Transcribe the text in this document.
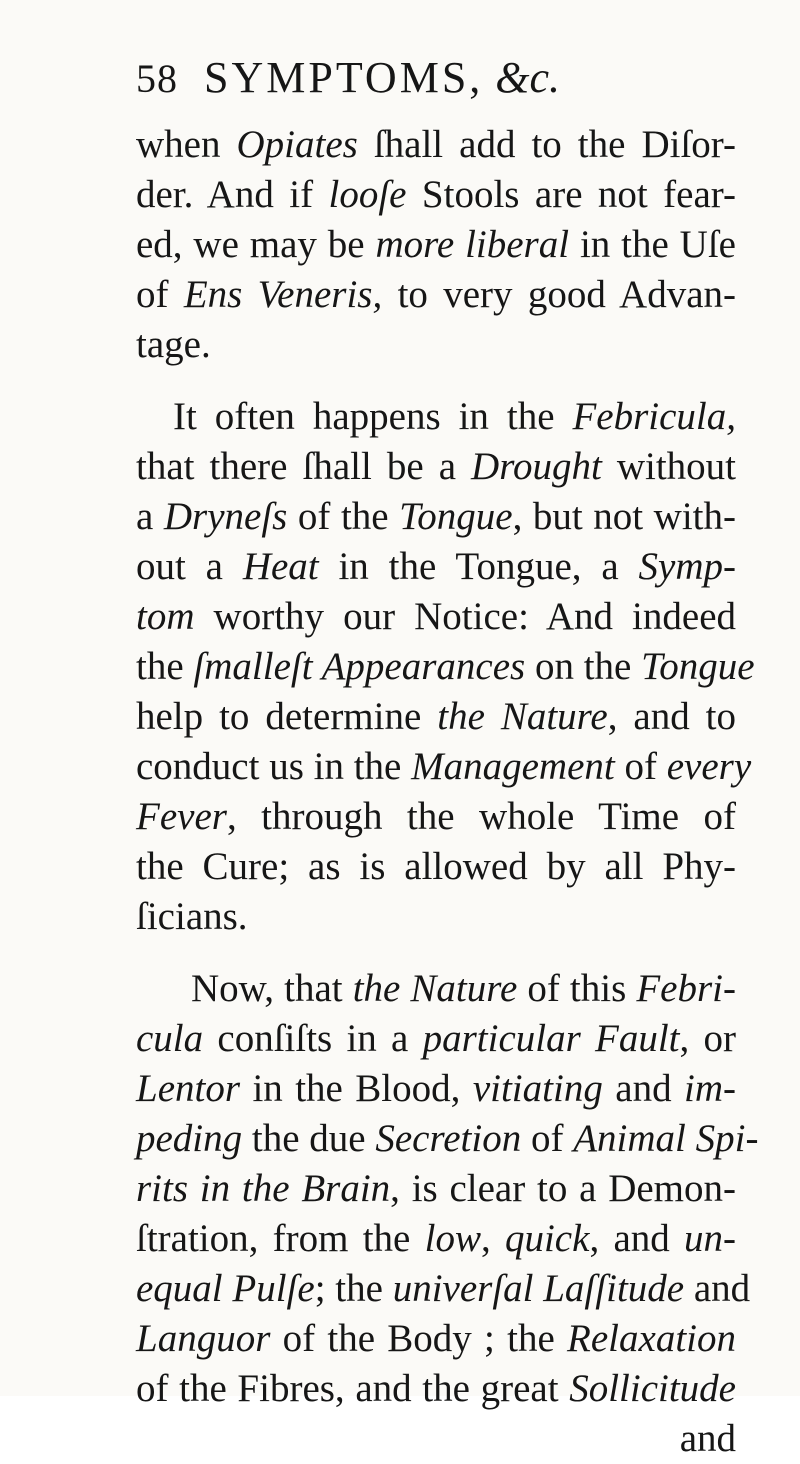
58 SYMPTOMS, &c.
when Opiates ſhall add to the Diſor-
der. And if looſe Stools are not fear-
ed, we may be more liberal in the Uſe
of Ens Veneris, to very good Advan-
tage.
It often happens in the Febricula,
that there ſhall be a Drought without
a Dryneſs of the Tongue, but not with-
out a Heat in the Tongue, a Symp-
tom worthy our Notice: And indeed
the ſmalleſt Appearances on the Tongue
help to determine the Nature, and to
conduct us in the Management of every
Fever, through the whole Time of
the Cure; as is allowed by all Phy-
ſicians.
Now, that the Nature of this Febri-
cula conſiſts in a particular Fault, or
Lentor in the Blood, vitiating and im-
peding the due Secretion of Animal Spi-
rits in the Brain, is clear to a Demon-
ſtration, from the low, quick, and un-
equal Pulſe; the univerſal Laſſitude and
Languor of the Body ; the Relaxation
of the Fibres, and the great Sollicitude
and
